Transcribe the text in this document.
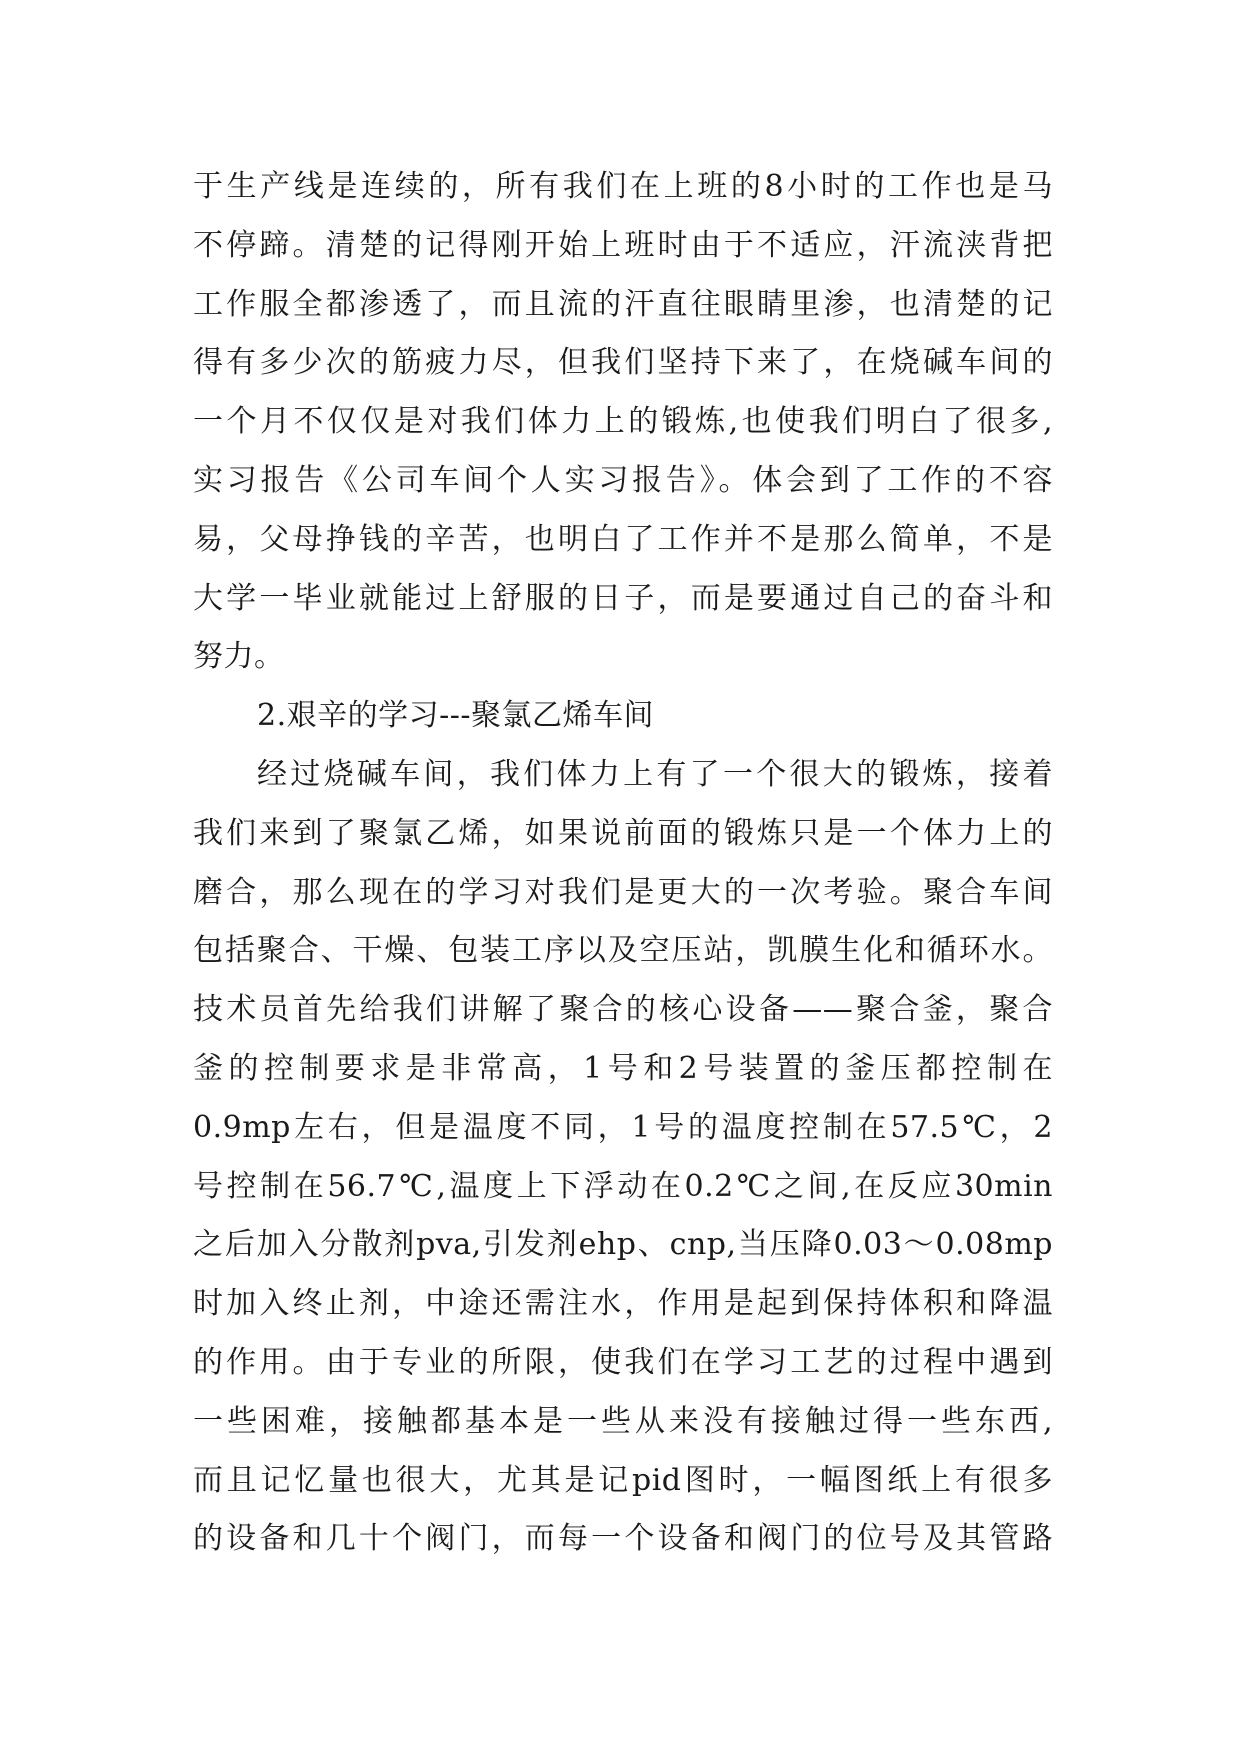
于生产线是连续的，所有我们在上班的8小时的工作也是马
不停蹄。清楚的记得刚开始上班时由于不适应，汗流浃背把
工作服全都渗透了，而且流的汗直往眼睛里渗，也清楚的记
得有多少次的筋疲力尽，但我们坚持下来了，在烧碱车间的
一个月不仅仅是对我们体力上的锻炼,也使我们明白了很多,
实习报告《公司车间个人实习报告》。体会到了工作的不容
易，父母挣钱的辛苦，也明白了工作并不是那么简单，不是
大学一毕业就能过上舒服的日子，而是要通过自己的奋斗和
努力。
2.艰辛的学习---聚氯乙烯车间
经过烧碱车间，我们体力上有了一个很大的锻炼，接着
我们来到了聚氯乙烯，如果说前面的锻炼只是一个体力上的
磨合，那么现在的学习对我们是更大的一次考验。聚合车间
包括聚合、干燥、包装工序以及空压站，凯膜生化和循环水。
技术员首先给我们讲解了聚合的核心设备——聚合釜，聚合
釜的控制要求是非常高，1号和2号装置的釜压都控制在
0.9mp左右，但是温度不同，1号的温度控制在57.5℃，2
号控制在56.7℃,温度上下浮动在0.2℃之间,在反应30min
之后加入分散剂pva,引发剂ehp、cnp,当压降0.03～0.08mp
时加入终止剂，中途还需注水，作用是起到保持体积和降温
的作用。由于专业的所限，使我们在学习工艺的过程中遇到
一些困难，接触都基本是一些从来没有接触过得一些东西,
而且记忆量也很大，尤其是记pid图时，一幅图纸上有很多
的设备和几十个阀门，而每一个设备和阀门的位号及其管路
